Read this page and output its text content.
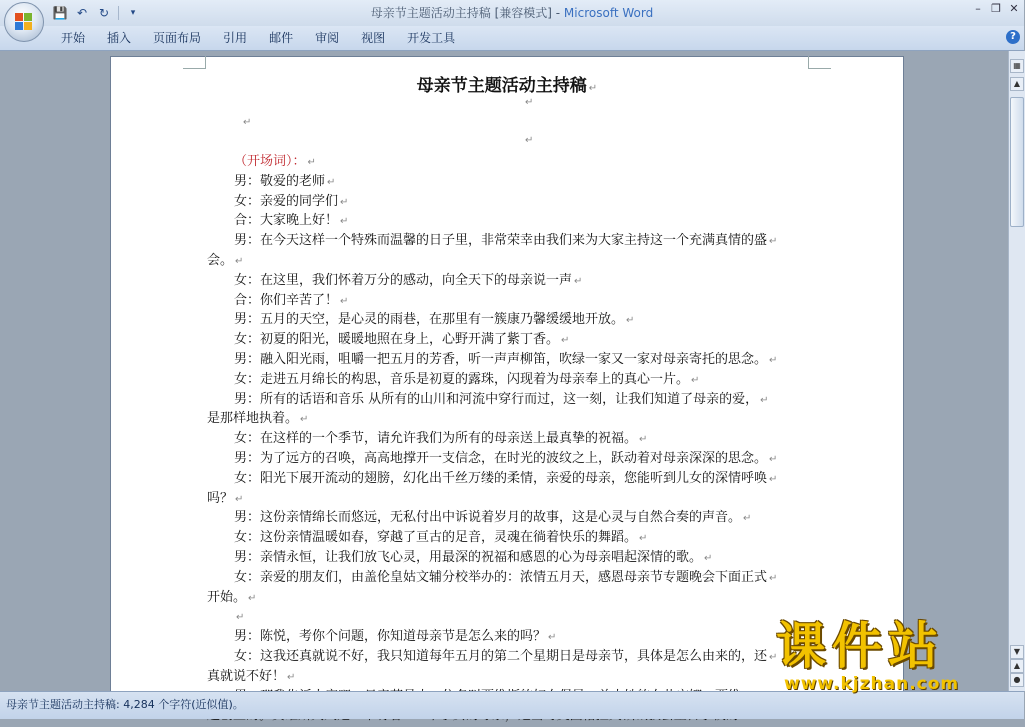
💾 ↶ ↻	▾	母亲节主题活动主持稿 [兼容模式] - Microsoft Word	– ❐ ✕
开始	插入	页面布局	引用	邮件	审阅	视图	开发工具	?
母亲节主题活动主持稿 ↵
↵
↵
↵
（开场词）： ↵
男：敬爱的老师 ↵
女：亲爱的同学们 ↵
合：大家晚上好！ ↵
男：在今天这样一个特殊而温馨的日子里，非常荣幸由我们来为大家主持这一个充满真情的盛 ↵
会。 ↵
女：在这里，我们怀着万分的感动，向全天下的母亲说一声 ↵
合：你们辛苦了！ ↵
男：五月的天空，是心灵的雨巷，在那里有一簇康乃馨缓缓地开放。 ↵
女：初夏的阳光，暖暖地照在身上，心野开满了紫丁香。 ↵
男：融入阳光雨，咀嚼一把五月的芳香，听一声声柳笛，吹绿一家又一家对母亲寄托的思念。 ↵
女：走进五月绵长的构思，音乐是初夏的露珠，闪现着为母亲奉上的真心一片。 ↵
男：所有的话语和音乐 从所有的山川和河流中穿行而过，这一刻，让我们知道了母亲的爱， ↵
是那样地执着。 ↵
女：在这样的一个季节，请允许我们为所有的母亲送上最真挚的祝福。 ↵
男：为了远方的召唤，高高地撑开一支信念，在时光的波纹之上，跃动着对母亲深深的思念。 ↵
女：阳光下展开流动的翅膀，幻化出千丝万缕的柔情，亲爱的母亲，您能听到儿女的深情呼唤 ↵
吗？ ↵
男：这份亲情绵长而悠远，无私付出中诉说着岁月的故事，这是心灵与自然合奏的声音。 ↵
女：这份亲情温暖如春，穿越了亘古的足音，灵魂在徜着快乐的舞蹈。 ↵
男：亲情永恒，让我们放飞心灵，用最深的祝福和感恩的心为母亲唱起深情的歌。 ↵
女：亲爱的朋友们，由盖伦皇姑文辅分校举办的：浓情五月天，感恩母亲节专题晚会下面正式 ↵
开始。 ↵
↵
男：陈悦，考你个问题，你知道母亲节是怎么来的吗？ ↵
女：这我还真就说不好，我只知道每年五月的第二个星期日是母亲节，具体是怎么由来的，还 ↵
真就说不好！ ↵
▦
▲
▼
▲
●
母亲节主题活动主持稿: 4,284 个字符(近似值)。
课件站
www.kjzhan.com
